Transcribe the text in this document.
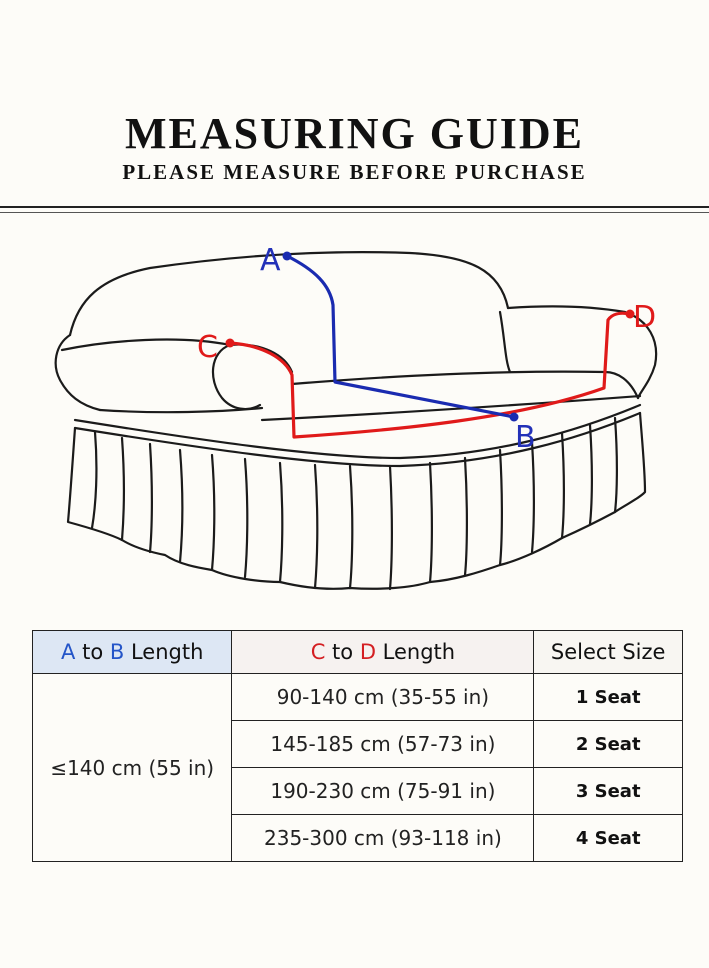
MEASURING GUIDE
PLEASE MEASURE BEFORE PURCHASE
A
B
C
D
A to B Length	C to D Length	Select Size
≤140 cm (55 in)	90-140 cm (35-55 in)	1 Seat
	145-185 cm (57-73 in)	2 Seat
	190-230 cm (75-91 in)	3 Seat
	235-300 cm (93-118 in)	4 Seat
